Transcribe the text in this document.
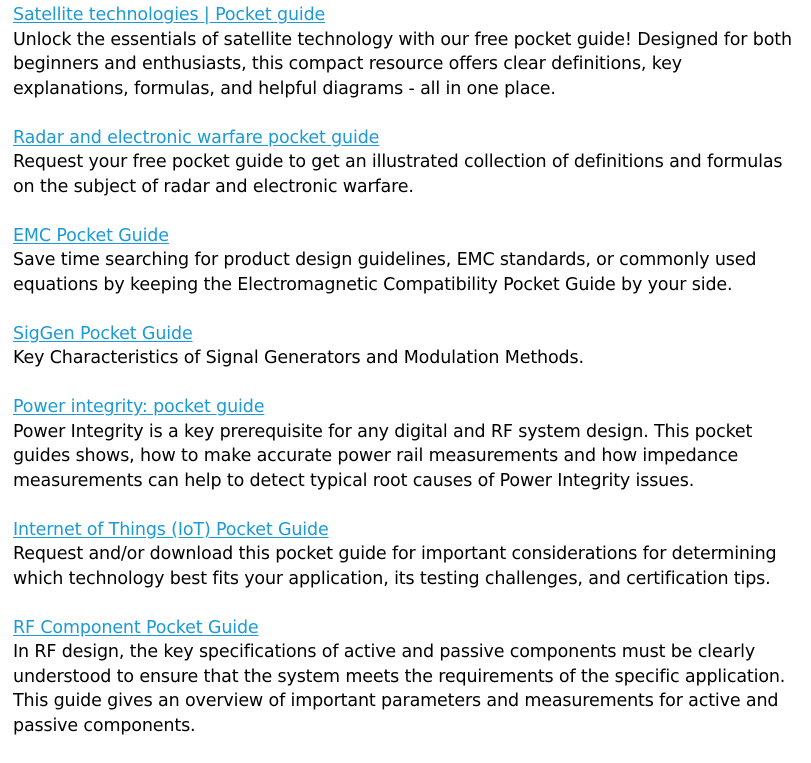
Satellite technologies | Pocket guide

Unlock the essentials of satellite technology with our free pocket guide! Designed for both beginners and enthusiasts, this compact resource offers clear definitions, key explanations, formulas, and helpful diagrams - all in one place.

Radar and electronic warfare pocket guide

Request your free pocket guide to get an illustrated collection of definitions and formulas on the subject of radar and electronic warfare.

EMC Pocket Guide

Save time searching for product design guidelines, EMC standards, or commonly used equations by keeping the Electromagnetic Compatibility Pocket Guide by your side.

SigGen Pocket Guide

Key Characteristics of Signal Generators and Modulation Methods.

Power integrity: pocket guide

Power Integrity is a key prerequisite for any digital and RF system design. This pocket guides shows, how to make accurate power rail measurements and how impedance measurements can help to detect typical root causes of Power Integrity issues.

Internet of Things (IoT) Pocket Guide

Request and/or download this pocket guide for important considerations for determining which technology best fits your application, its testing challenges, and certification tips.

RF Component Pocket Guide

In RF design, the key specifications of active and passive components must be clearly understood to ensure that the system meets the requirements of the specific application. This guide gives an overview of important parameters and measurements for active and passive components.
